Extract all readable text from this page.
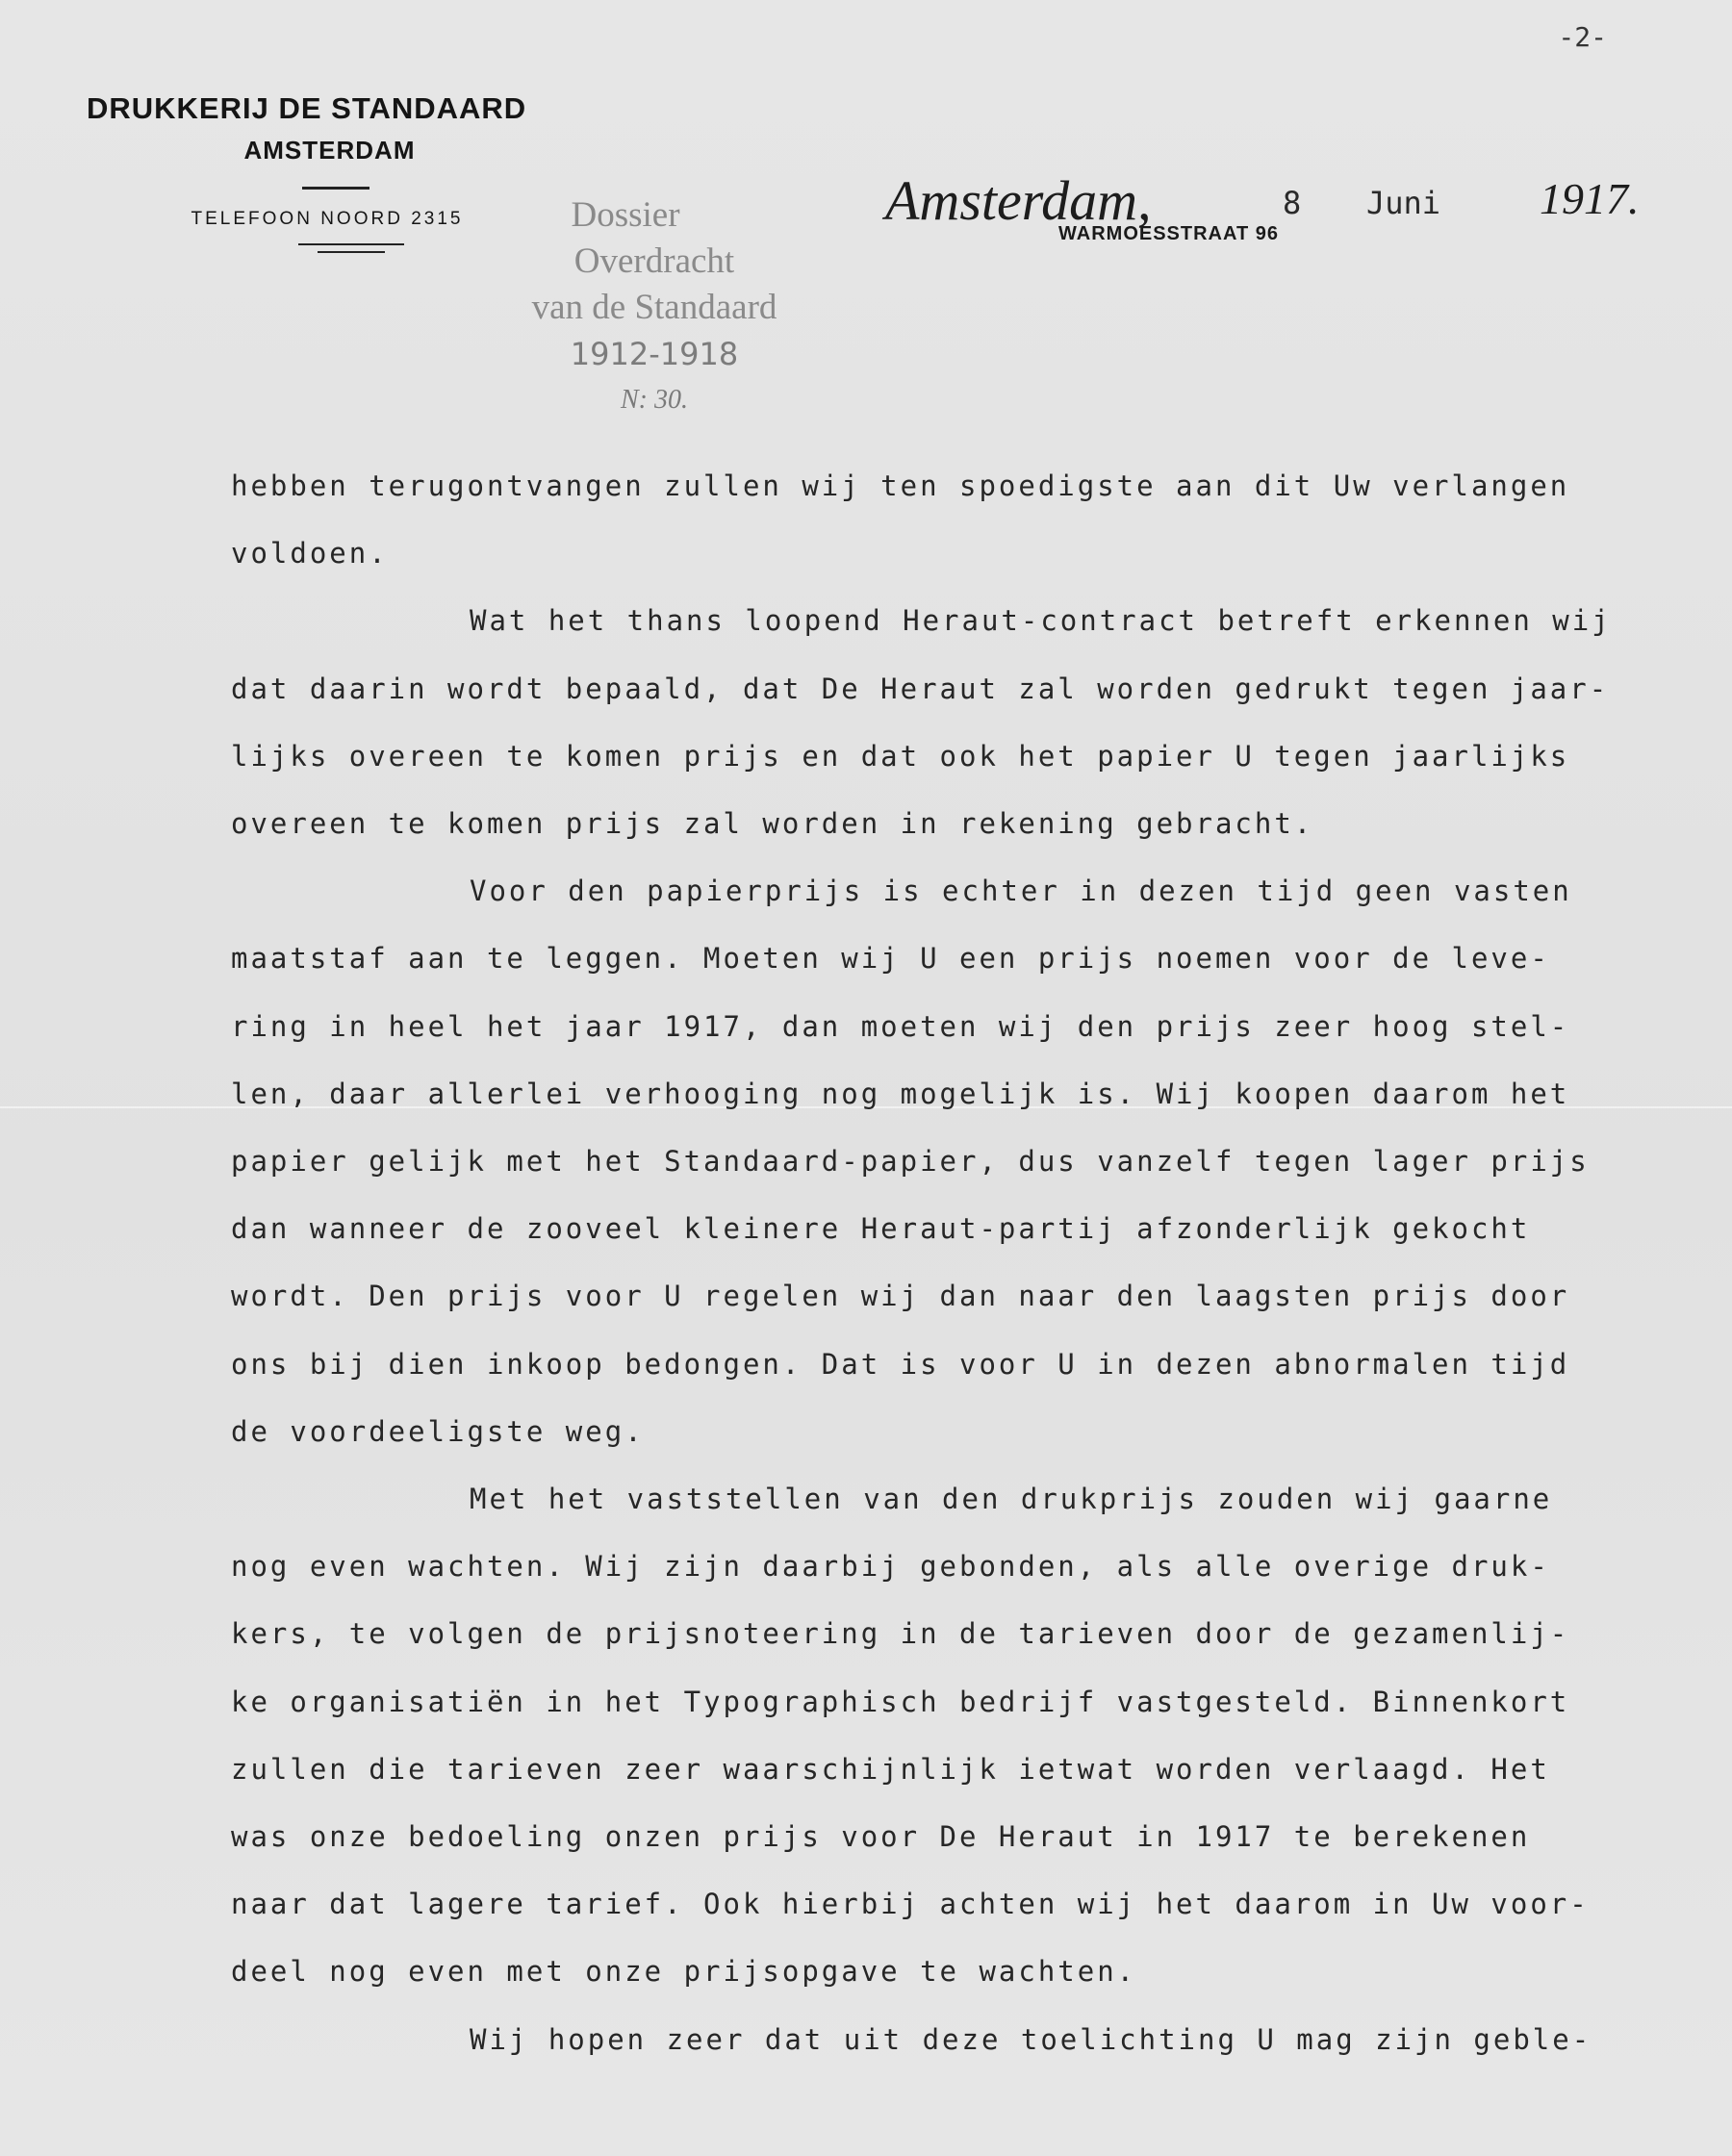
-2-
DRUKKERIJ DE STANDAARD
AMSTERDAM
TELEFOON NOORD 2315	Dossier
Overdracht
van de Standaard
1912-1918
N: 30.
Amsterdam,
WARMOESSTRAAT 96
8 Juni 1917.

hebben terugontvangen zullen wij ten spoedigste aan dit Uw verlangen

voldoen.

Wat het thans loopend Heraut-contract betreft erkennen wij

dat daarin wordt bepaald, dat De Heraut zal worden gedrukt tegen jaar-

lijks overeen te komen prijs en dat ook het papier U tegen jaarlijks

overeen te komen prijs zal worden in rekening gebracht.

Voor den papierprijs is echter in dezen tijd geen vasten

maatstaf aan te leggen. Moeten wij U een prijs noemen voor de leve-

ring in heel het jaar 1917, dan moeten wij den prijs zeer hoog stel-

len, daar allerlei verhooging nog mogelijk is. Wij koopen daarom het

papier gelijk met het Standaard-papier, dus vanzelf tegen lager prijs

dan wanneer de zooveel kleinere Heraut-partij afzonderlijk gekocht

wordt. Den prijs voor U regelen wij dan naar den laagsten prijs door

ons bij dien inkoop bedongen. Dat is voor U in dezen abnormalen tijd

de voordeeligste weg.

Met het vaststellen van den drukprijs zouden wij gaarne

nog even wachten. Wij zijn daarbij gebonden, als alle overige druk-

kers, te volgen de prijsnoteering in de tarieven door de gezamenlij-

ke organisatiën in het Typographisch bedrijf vastgesteld. Binnenkort

zullen die tarieven zeer waarschijnlijk ietwat worden verlaagd. Het

was onze bedoeling onzen prijs voor De Heraut in 1917 te berekenen

naar dat lagere tarief. Ook hierbij achten wij het daarom in Uw voor-

deel nog even met onze prijsopgave te wachten.

Wij hopen zeer dat uit deze toelichting U mag zijn geble-
